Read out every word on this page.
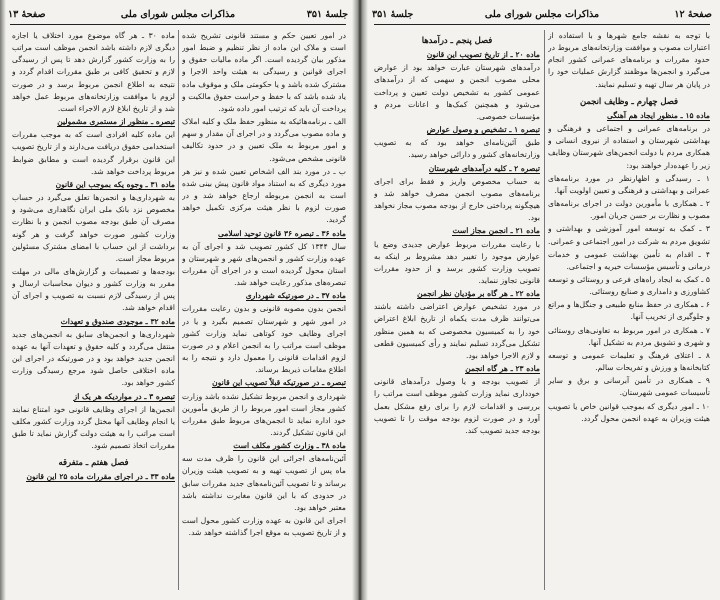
جلسهٔ ۳۵۱
مذاکرات مجلس شورای ملی
صفحهٔ ۱۳

در امور تعیین حکم و مستند قانونی تشریح شده است و ملاک این ماده از نظر تنظیم و ضبط امور مذکور بیان گردیده است. اگر ماده مالیات حقوق و اجرای قوانین و رسیدگی به هیئت واحد الاجرا و مشترک شده باشد و یا حکومتی ملک و موقوف ماده یاد شده باشد که با حفظ و حراست حقوق مالکیت و پرداخت آن باید که ترتیب امور داده شود.

الف ـ برنامه‌هائیکه به منظور حفظ ملک و کلیه املاک و ماده مصوب می‌گردد و در اجرای آن مقدار و سهم و امور مربوط به ملک تعیین و در حدود تکالیف قانونی مشخص می‌شود.

ب ـ در مورد بند الف اشخاص تعیین شده و نیز هر مورد دیگری که به استناد مواد قانون پیش بینی شده است به انجمن مربوطه ارجاع خواهد شد و در صورت لزوم با نظر هیئت مرکزی تکمیل خواهد گردید.

ماده ۳۶ ـ تبصره ۳۶ قانون توحید اسلامی

سال ۱۳۴۴ کل کشور تصویب شد و اجرای آن به عهده وزارت کشور و انجمن‌های شهر و شهرستان و استان محول گردیده است و در اجرای آن مقررات تبصره‌های مذکور رعایت خواهد شد.

ماده ۳۷ ـ در صورتیکه شهرداری

انجمن بدون مصوبه قانونی و بدون رعایت مقررات در امور شهر و شهرستان تصمیم بگیرد و یا در اجرای وظایف خود کوتاهی نماید وزارت کشور موظف است مراتب را به انجمن اعلام و در صورت لزوم اقدامات قانونی را معمول دارد و نتیجه را به اطلاع مقامات ذیربط برساند.

تبصره ـ در صورتیکه قبلاً تصویب این قانون

شهرداری و انجمن مربوط تشکیل نشده باشد وزارت کشور مجاز است امور مربوط را از طریق مأمورین خود اداره نماید تا انجمن‌های مربوط طبق مقررات این قانون تشکیل گردند.

ماده ۳۸ ـ وزارت کشور مکلف است

آئین‌نامه‌های اجرائی این قانون را ظرف مدت سه ماه پس از تصویب تهیه و به تصویب هیئت وزیران برساند و تا تصویب آئین‌نامه‌های جدید مقررات سابق در حدودی که با این قانون مغایرت نداشته باشد معتبر خواهد بود.

اجرای این قانون به عهده وزارت کشور محول است و از تاریخ تصویب به موقع اجرا گذاشته خواهد شد.

ماده ۳۰ ـ هر گاه موضوع مورد اختلاف یا اجازه دیگری لازم داشته باشد انجمن موظف است مراتب را به وزارت کشور گزارش دهد تا پس از رسیدگی لازم و تحقیق کافی بر طبق مقررات اقدام گردد و نتیجه به اطلاع انجمن مربوط برسد و در صورت لزوم با موافقت وزارتخانه‌های مربوط عمل خواهد شد و از تاریخ ابلاغ لازم الاجراء است.

تبصره ـ منظور از مستمری مشمولین

این ماده کلیه افرادی است که به موجب مقررات استخدامی حقوق دریافت می‌دارند و از تاریخ تصویب این قانون برقرار گردیده است و مطابق ضوابط مربوط پرداخت خواهد شد.

ماده ۳۱ ـ وجوه یکه بموجب این قانون

به شهرداری‌ها و انجمن‌ها تعلق می‌گیرد در حساب مخصوص نزد بانک ملی ایران نگاهداری می‌شود و مصرف آن طبق بودجه مصوب انجمن و با نظارت وزارت کشور صورت خواهد گرفت و هر گونه برداشت از این حساب با امضای مشترک مسئولین مربوط مجاز است.

بودجه‌ها و تصمیمات و گزارش‌های مالی در مهلت مقرر به وزارت کشور و دیوان محاسبات ارسال و پس از رسیدگی لازم نسبت به تصویب و اجرای آن اقدام خواهد شد.

ماده ۳۲ ـ موجودی صندوق و تعهدات

شهرداری‌ها و انجمن‌های سابق به انجمن‌های جدید منتقل می‌گردد و کلیه حقوق و تعهدات آنها به عهده انجمن جدید خواهد بود و در صورتیکه در اجرای این ماده اختلافی حاصل شود مرجع رسیدگی وزارت کشور خواهد بود.

تبصره ۳ ـ در مواردیکه هر یک از

انجمن‌ها از اجرای وظایف قانونی خود امتناع نمایند یا انجام وظایف آنها مختل گردد وزارت کشور مکلف است مراتب را به هیئت دولت گزارش نماید تا طبق مقررات اتخاذ تصمیم شود.

فصل هفتم ـ متفرقه

ماده ۳۳ ـ در اجرای مقررات ماده ۲۵ این قانون

صفحهٔ ۱۲
مذاکرات مجلس شورای ملی
جلسهٔ ۳۵۱

با توجه به نقشه جامع شهرها و با استفاده از اعتبارات مصوب و موافقت وزارتخانه‌های مربوط در حدود مقررات و برنامه‌های عمرانی کشور انجام می‌گیرد و انجمن‌ها موظفند گزارش عملیات خود را در پایان هر سال تهیه و تسلیم نمایند.

فصل چهارم ـ وظایف انجمن

ماده ۱۵ ـ منظور ایجاد هم آهنگی

در برنامه‌های عمرانی و اجتماعی و فرهنگی و بهداشتی شهرستان و استفاده از نیروی انسانی و همکاری مردم با دولت انجمن‌های شهرستان وظایف زیر را عهده‌دار خواهند بود:

۱ ـ رسیدگی و اظهارنظر در مورد برنامه‌های عمرانی و بهداشتی و فرهنگی و تعیین اولویت آنها.

۲ ـ همکاری با مأمورین دولت در اجرای برنامه‌های مصوب و نظارت بر حسن جریان امور.

۳ ـ کمک به توسعه امور آموزشی و بهداشتی و تشویق مردم به شرکت در امور اجتماعی و عمرانی.

۴ ـ اقدام به تأمین بهداشت عمومی و خدمات درمانی و تأسیس مؤسسات خیریه و اجتماعی.

۵ ـ کمک به ایجاد راه‌های فرعی و روستائی و توسعه کشاورزی و دامداری و صنایع روستائی.

۶ ـ همکاری در حفظ منابع طبیعی و جنگل‌ها و مراتع و جلوگیری از تخریب آنها.

۷ ـ همکاری در امور مربوط به تعاونی‌های روستائی و شهری و تشویق مردم به تشکیل آنها.

۸ ـ اعتلای فرهنگ و تعلیمات عمومی و توسعه کتابخانه‌ها و ورزش و تفریحات سالم.

۹ ـ همکاری در تأمین آبرسانی و برق و سایر تأسیسات عمومی شهرستان.

۱۰ ـ امور دیگری که بموجب قوانین خاص یا تصویب هیئت وزیران به عهده انجمن محول گردد.

فصل پنجم ـ درآمدها

ماده ۲۰ ـ از تاریخ تصویب این قانون

درآمدهای شهرستان عبارت خواهد بود از عوارض محلی مصوب انجمن و سهمی که از درآمدهای عمومی کشور به تشخیص دولت تعیین و پرداخت می‌شود و همچنین کمک‌ها و اعانات مردم و مؤسسات خصوصی.

تبصره ۱ ـ تشخیص و وصول عوارض

طبق آئین‌نامه‌ای خواهد بود که به تصویب وزارتخانه‌های کشور و دارائی خواهد رسید.

تبصره ۲ ـ کلیه درآمدهای شهرستان

به حساب مخصوص واریز و فقط برای اجرای برنامه‌های مصوب انجمن مصرف خواهد شد و هیچگونه پرداختی خارج از بودجه مصوب مجاز نخواهد بود.

ماده ۲۱ ـ انجمن مجاز است

با رعایت مقررات مربوط عوارض جدیدی وضع یا عوارض موجود را تغییر دهد مشروط بر اینکه به تصویب وزارت کشور برسد و از حدود مقررات قانونی تجاوز ننماید.

ماده ۲۲ ـ هر گاه بر مؤدیان نظر انجمن

در مورد تشخیص عوارض اعتراضی داشته باشند می‌توانند ظرف مدت یکماه از تاریخ ابلاغ اعتراض خود را به کمیسیون مخصوصی که به همین منظور تشکیل می‌گردد تسلیم نمایند و رأی کمیسیون قطعی و لازم الاجرا خواهد بود.

ماده ۲۳ ـ هر گاه انجمن

از تصویب بودجه و یا وصول درآمدهای قانونی خودداری نماید وزارت کشور موظف است مراتب را بررسی و اقدامات لازم را برای رفع مشکل بعمل آورد و در صورت لزوم بودجه موقت را تا تصویب بودجه جدید تصویب کند.
